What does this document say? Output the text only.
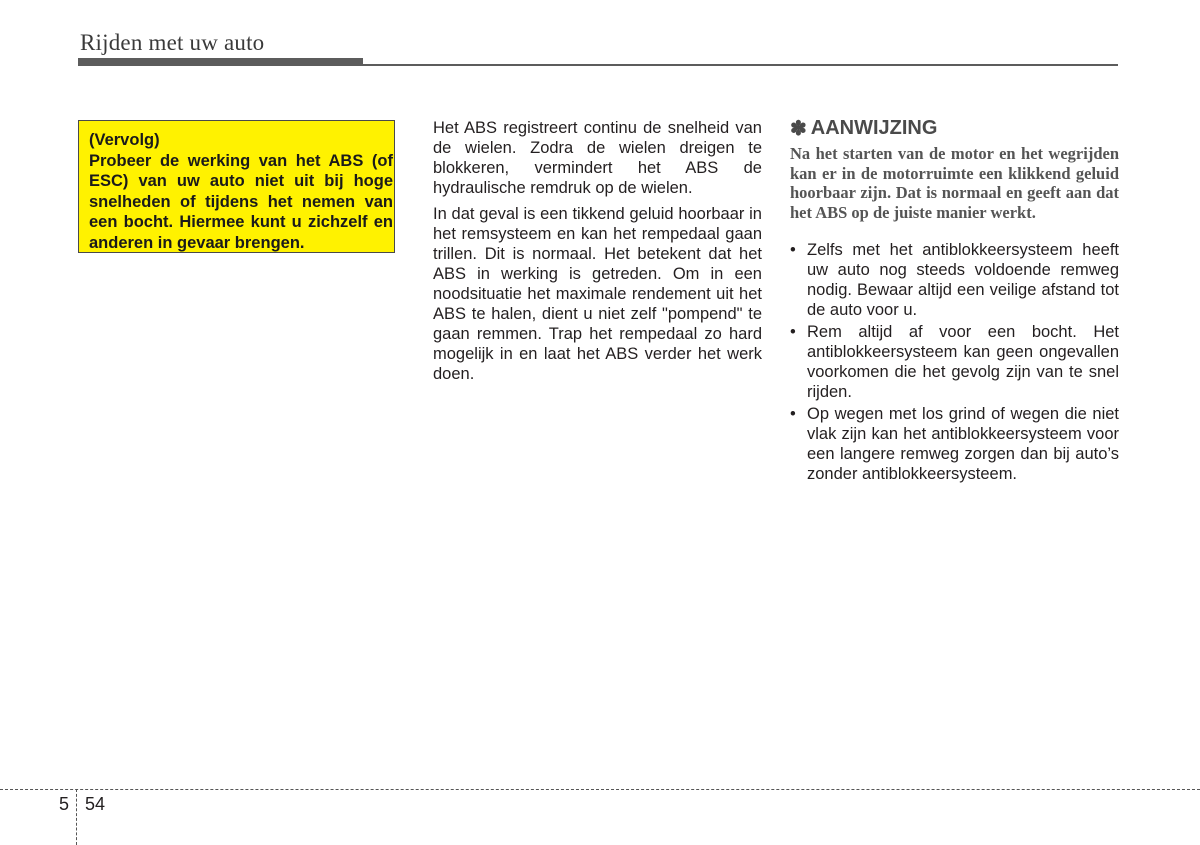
Rijden met uw auto

(Vervolg)

Probeer de werking van het ABS (of ESC) van uw auto niet uit bij hoge snelheden of tijdens het nemen van een bocht. Hiermee kunt u zichzelf en anderen in gevaar brengen.

Het ABS registreert continu de snelheid van de wielen. Zodra de wielen dreigen te blokkeren, vermindert het ABS de hydraulische remdruk op de wielen.

In dat geval is een tikkend geluid hoorbaar in het remsysteem en kan het rempedaal gaan trillen. Dit is normaal. Het betekent dat het ABS in werking is getreden. Om in een noodsituatie het maximale rendement uit het ABS te halen, dient u niet zelf "pompend" te gaan remmen. Trap het rempedaal zo hard mogelijk in en laat het ABS verder het werk doen.

✽ AANWIJZING
Na het starten van de motor en het wegrijden kan er in de motorruimte een klikkend geluid hoorbaar zijn. Dat is normaal en geeft aan dat het ABS op de juiste manier werkt.
• Zelfs met het antiblokkeersysteem heeft uw auto nog steeds voldoende remweg nodig. Bewaar altijd een veilige afstand tot de auto voor u.
• Rem altijd af voor een bocht. Het antiblokkeersysteem kan geen ongevallen voorkomen die het gevolg zijn van te snel rijden.
• Op wegen met los grind of wegen die niet vlak zijn kan het antiblokkeersysteem voor een langere remweg zorgen dan bij auto’s zonder antiblokkeersysteem.
5 54
